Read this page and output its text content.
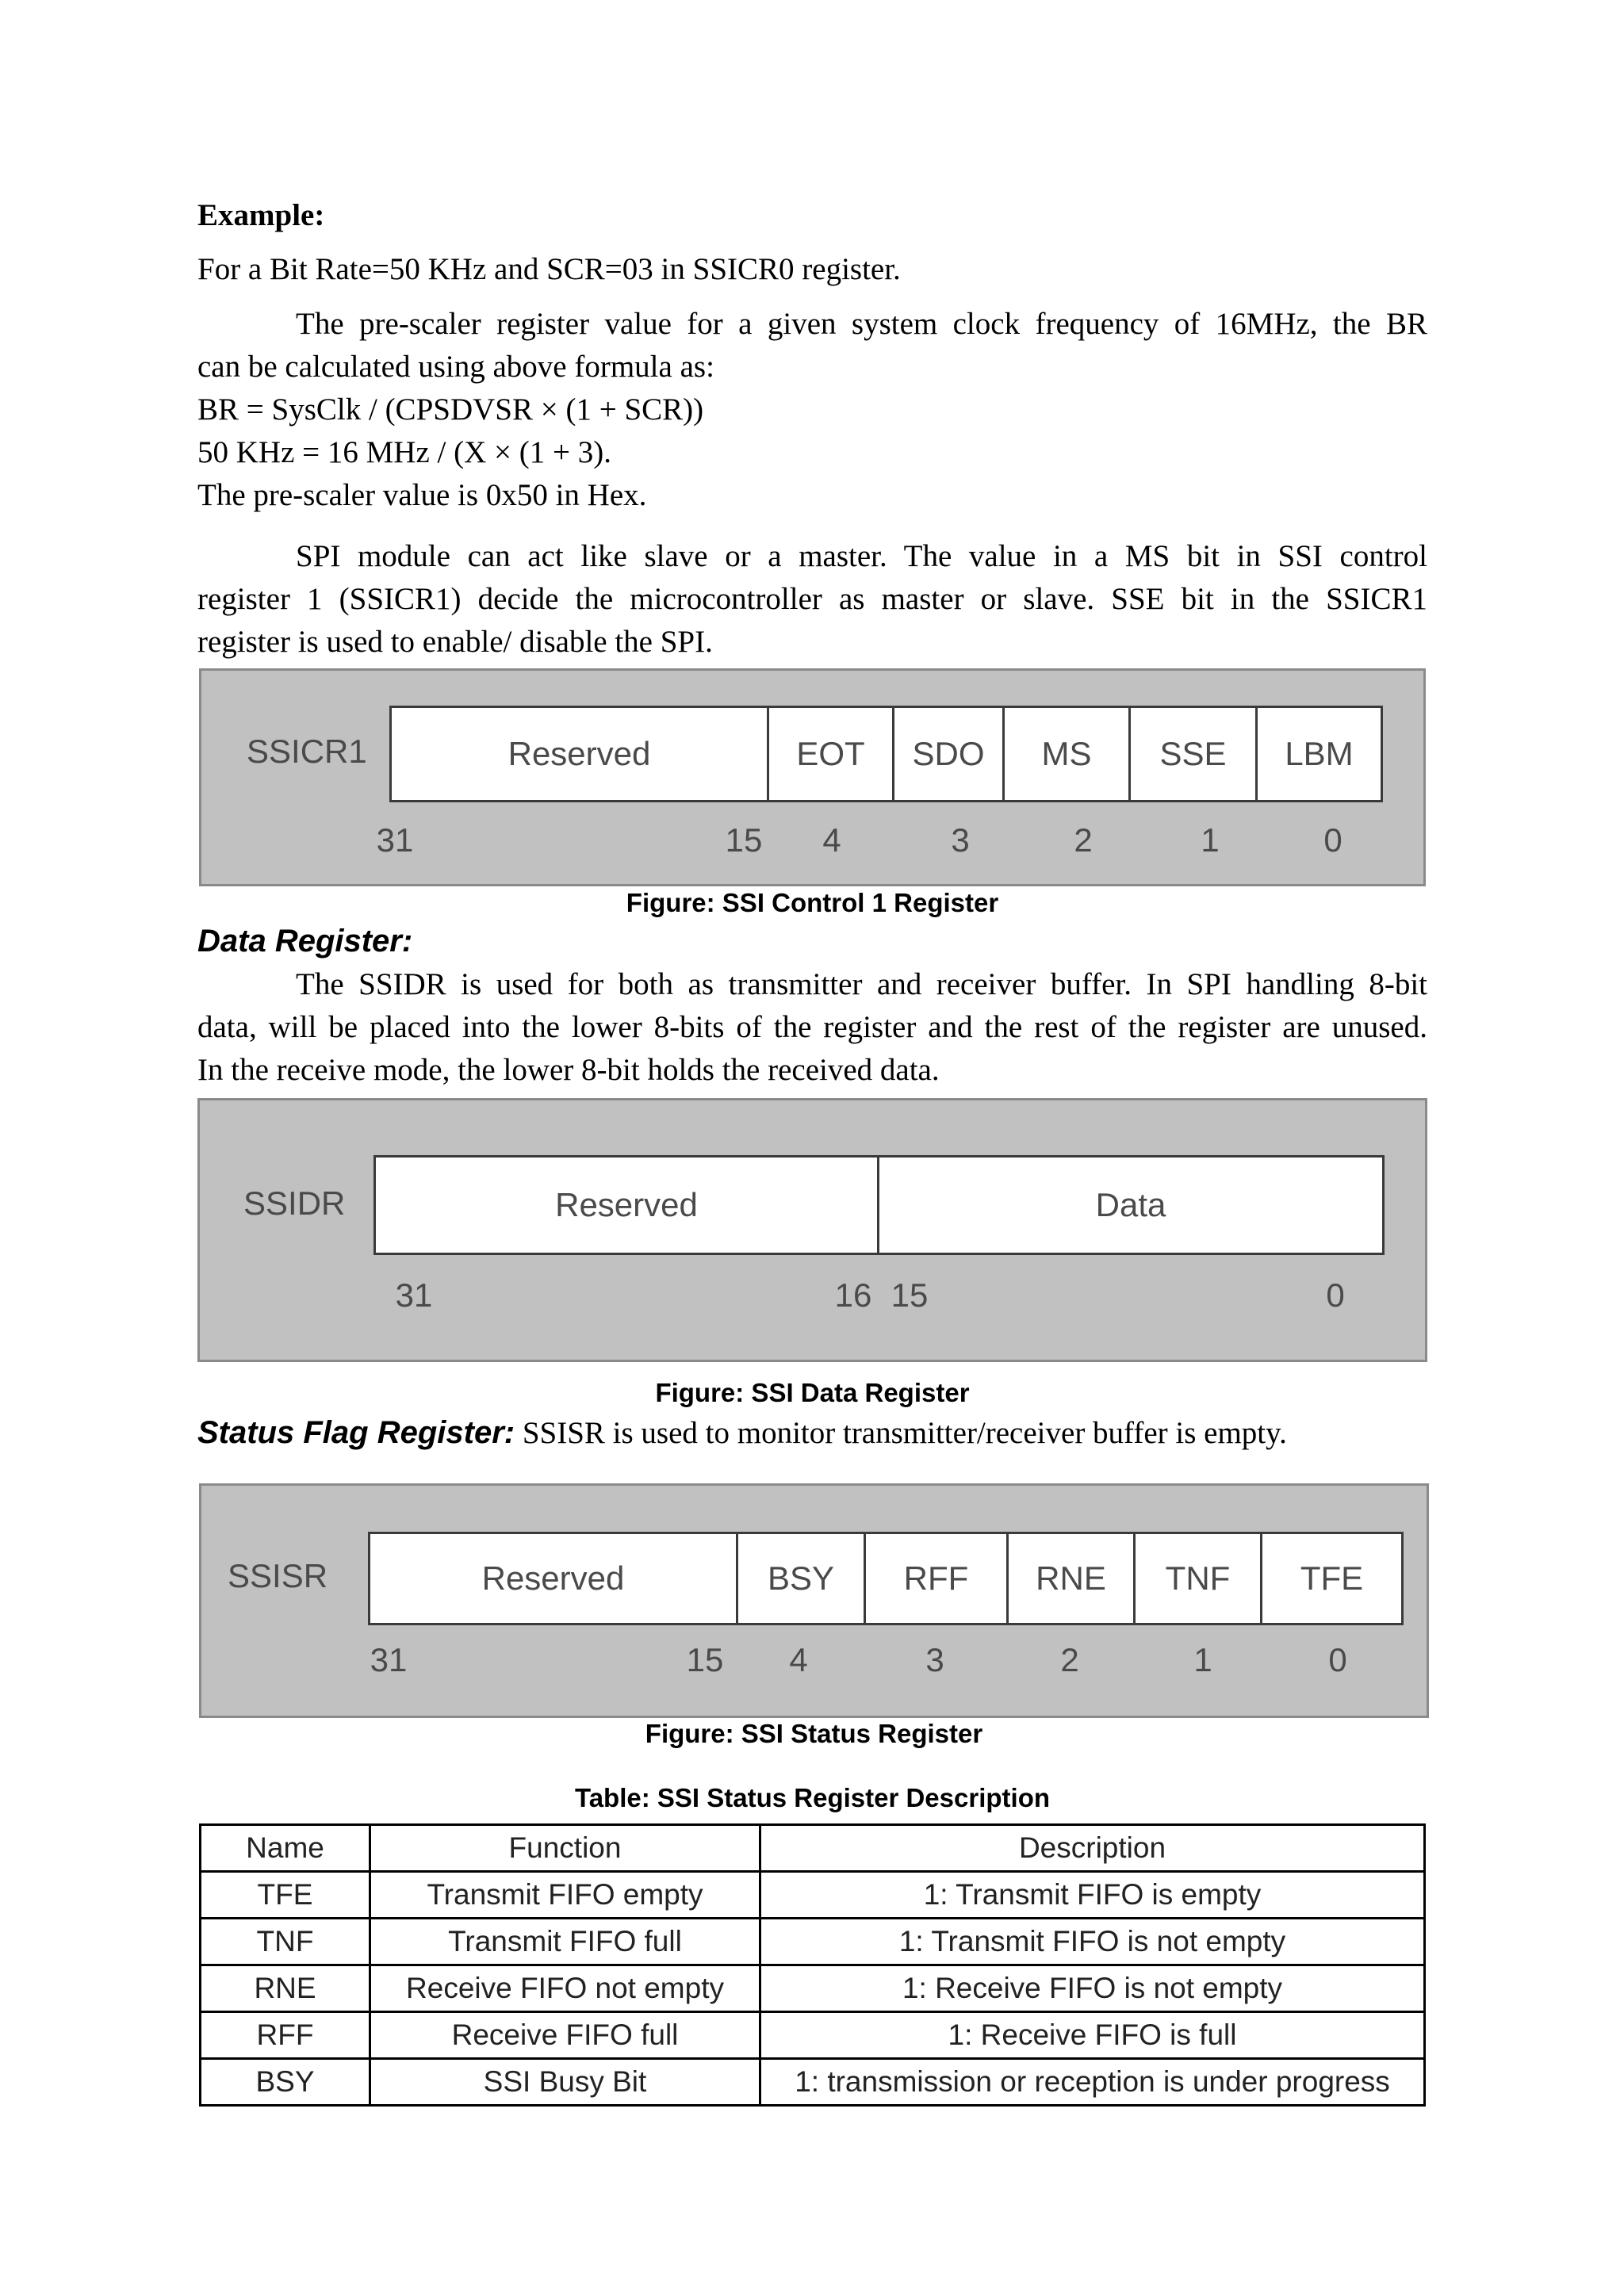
Example:
For a Bit Rate=50 KHz and SCR=03 in SSICR0 register.
The pre-scaler register value for a given system clock frequency of 16MHz, the BR
can be calculated using above formula as:
BR = SysClk / (CPSDVSR × (1 + SCR))
50 KHz = 16 MHz / (X × (1 + 3).
The pre-scaler value is 0x50 in Hex.
SPI module can act like slave or a master. The value in a MS bit in SSI control
register 1 (SSICR1) decide the microcontroller as master or slave. SSE bit in the SSICR1
register is used to enable/ disable the SPI.
SSICR1	Reserved	EOT	SDO	MS	SSE	LBM
31	15	4	3	2	1	0
Figure: SSI Control 1 Register
Data Register:
The SSIDR is used for both as transmitter and receiver buffer. In SPI handling 8-bit
data, will be placed into the lower 8-bits of the register and the rest of the register are unused.
In the receive mode, the lower 8-bit holds the received data.
SSIDR	Reserved	Data
31	16 15	0
Figure: SSI Data Register
Status Flag Register: SSISR is used to monitor transmitter/receiver buffer is empty.
SSISR	Reserved	BSY	RFF	RNE	TNF	TFE
31	15	4	3	2	1	0
Figure: SSI Status Register
Table: SSI Status Register Description
Name	Function	Description
TFE	Transmit FIFO empty	1: Transmit FIFO is empty
TNF	Transmit FIFO full	1: Transmit FIFO is not empty
RNE	Receive FIFO not empty	1: Receive FIFO is not empty
RFF	Receive FIFO full	1: Receive FIFO is full
BSY	SSI Busy Bit	1: transmission or reception is under progress
